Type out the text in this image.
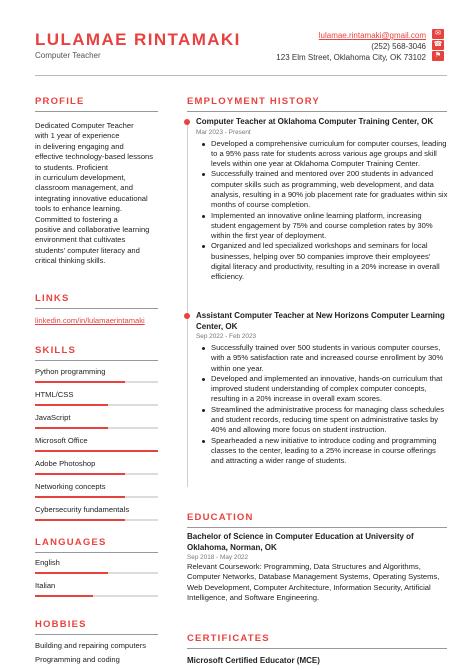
LULAMAE RINTAMAKI
Computer Teacher
lulamae.rintamaki@gmail.com
(252) 568-3046
123 Elm Street, Oklahoma City, OK 73102
✉
☎
⚑
PROFILE
Dedicated Computer Teacher
with 1 year of experience
in delivering engaging and
effective technology-based lessons
to students. Proficient
in curriculum development,
classroom management, and
integrating innovative educational
tools to enhance learning.
Committed to fostering a
positive and collaborative learning
environment that cultivates
students' computer literacy and
critical thinking skills.
LINKS
linkedin.com/in/lulamaerintamaki
SKILLS
Python programming
HTML/CSS
JavaScript
Microsoft Office
Adobe Photoshop
Networking concepts
Cybersecurity fundamentals
LANGUAGES
English
Italian
HOBBIES
Building and repairing computers
Programming and coding
EMPLOYMENT HISTORY
Computer Teacher at Oklahoma Computer Training Center, OK
Mar 2023 - Present
Developed a comprehensive curriculum for computer courses, leading to a 95% pass rate for students across various age groups and skill levels within one year at Oklahoma Computer Training Center.
Successfully trained and mentored over 200 students in advanced computer skills such as programming, web development, and data analysis, resulting in a 90% job placement rate for graduates within six months of course completion.
Implemented an innovative online learning platform, increasing student engagement by 75% and course completion rates by 30% within the first year of deployment.
Organized and led specialized workshops and seminars for local businesses, helping over 50 companies improve their employees' digital literacy and productivity, resulting in a 20% increase in overall efficiency.
Assistant Computer Teacher at New Horizons Computer Learning Center, OK
Sep 2022 - Feb 2023
Successfully trained over 500 students in various computer courses, with a 95% satisfaction rate and increased course enrollment by 30% within one year.
Developed and implemented an innovative, hands-on curriculum that improved student understanding of complex computer concepts, resulting in a 20% increase in overall exam scores.
Streamlined the administrative process for managing class schedules and student records, reducing time spent on administrative tasks by 40% and allowing more focus on student instruction.
Spearheaded a new initiative to introduce coding and programming classes to the center, leading to a 25% increase in course offerings and attracting a wider range of students.
EDUCATION
Bachelor of Science in Computer Education at University of Oklahoma, Norman, OK
Sep 2018 - May 2022
Relevant Coursework: Programming, Data Structures and Algorithms, Computer Networks, Database Management Systems, Operating Systems, Web Development, Computer Architecture, Information Security, Artificial Intelligence, and Software Engineering.
CERTIFICATES
Microsoft Certified Educator (MCE)
